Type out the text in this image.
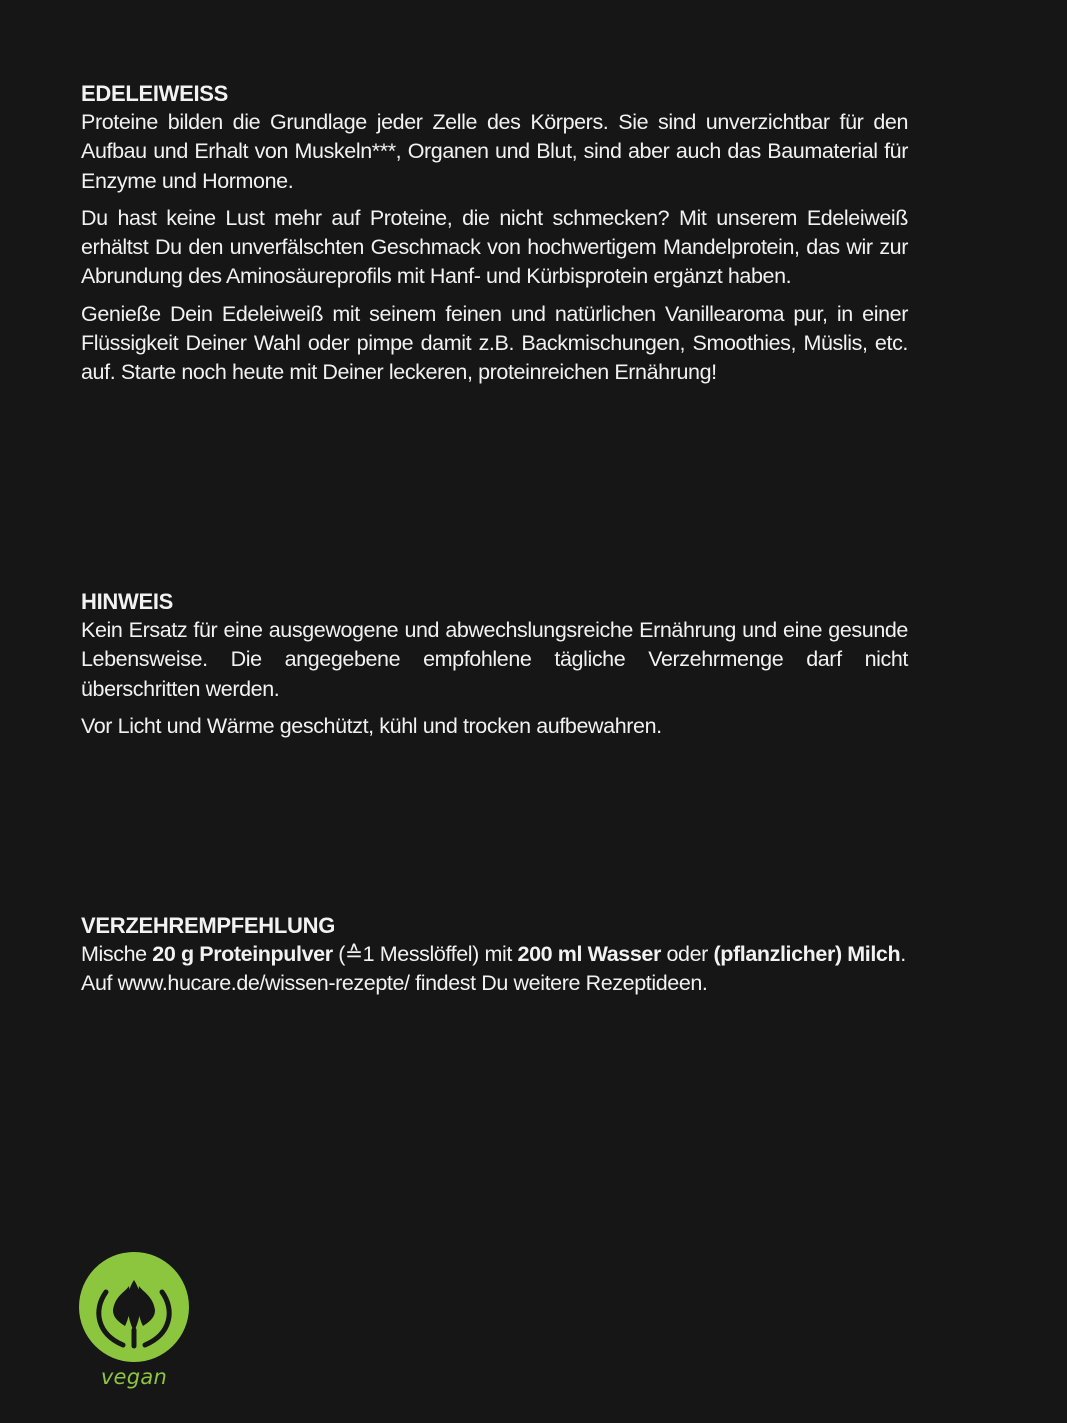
EDELEIWEISS

Proteine bilden die Grundlage jeder Zelle des Körpers. Sie sind unverzichtbar für den Aufbau und Erhalt von Muskeln***, Organen und Blut, sind aber auch das Baumaterial für Enzyme und Hormone.

Du hast keine Lust mehr auf Proteine, die nicht schmecken? Mit unserem Edeleiweiß erhältst Du den unverfälschten Geschmack von hochwertigem Mandelprotein, das wir zur Abrundung des Aminosäureprofils mit Hanf- und Kürbisprotein ergänzt haben.

Genieße Dein Edeleiweiß mit seinem feinen und natürlichen Vanillearoma pur, in einer Flüssigkeit Deiner Wahl oder pimpe damit z.B. Backmischungen, Smoothies, Müslis, etc. auf. Starte noch heute mit Deiner leckeren, proteinreichen Ernährung!

HINWEIS

Kein Ersatz für eine ausgewogene und abwechslungsreiche Ernährung und eine gesunde Lebensweise. Die angegebene empfohlene tägliche Verzehrmenge darf nicht überschritten werden.

Vor Licht und Wärme geschützt, kühl und trocken aufbewahren.

VERZEHREMPFEHLUNG

Mische 20 g Proteinpulver (≙1 Messlöffel) mit 200 ml Wasser oder (pflanzlicher) Milch.

Auf www.hucare.de/wissen-rezepte/ findest Du weitere Rezeptideen.

vegan
